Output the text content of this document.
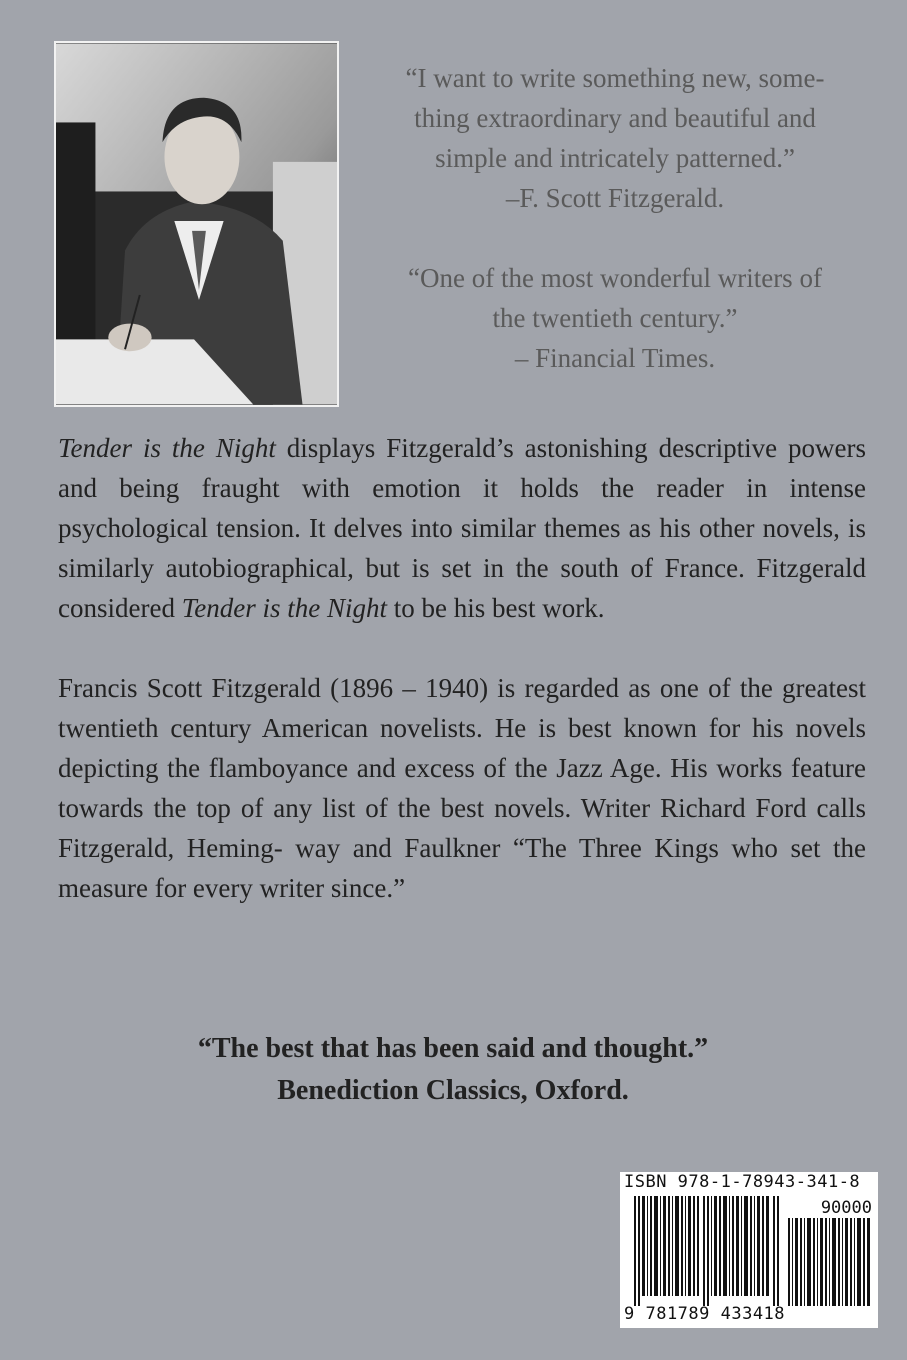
“I want to write something new, some-

thing extraordinary and beautiful and

simple and intricately patterned.”

–F. Scott Fitzgerald.

“One of the most wonderful writers of

the twentieth century.”

– Financial Times.

Tender is the Night displays Fitzgerald’s astonishing descriptive powers and being fraught with emotion it holds the reader in intense psychological tension. It delves into similar themes as his other novels, is similarly autobiographical, but is set in the south of France. Fitzgerald considered Tender is the Night to be his best work.

Francis Scott Fitzgerald (1896 – 1940) is regarded as one of the greatest twentieth century American novelists. He is best known for his novels depicting the flamboyance and excess of the Jazz Age. His works feature towards the top of any list of the best novels. Writer Richard Ford calls Fitzgerald, Heming- way and Faulkner “The Three Kings who set the measure for every writer since.”

“The best that has been said and thought.”
Benediction Classics, Oxford.
ISBN 978-1-78943-341-8
90000
9 781789 433418
